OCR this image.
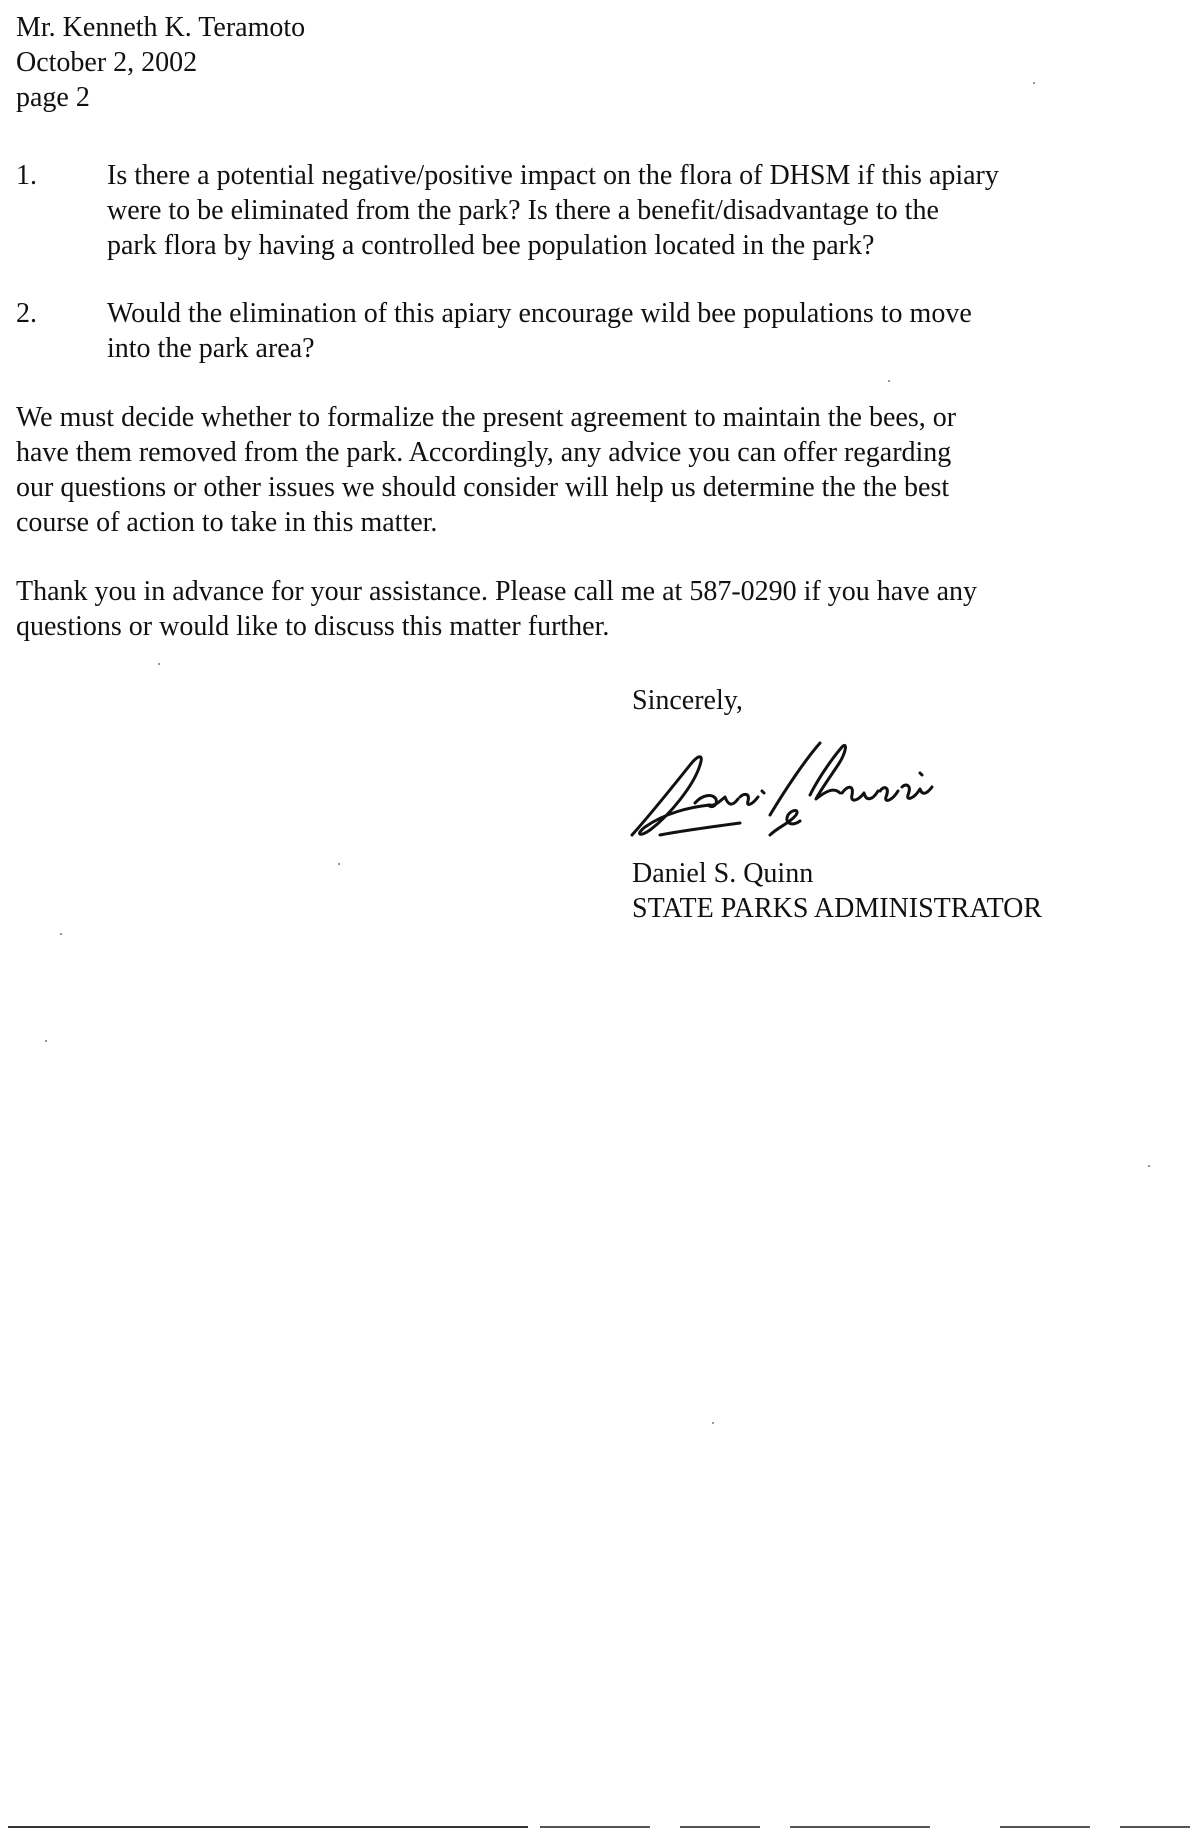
Mr. Kenneth K. Teramoto
October 2, 2002
page 2
1.	Is there a potential negative/positive impact on the flora of DHSM if this apiary
were to be eliminated from the park? Is there a benefit/disadvantage to the
park flora by having a controlled bee population located in the park?
2.	Would the elimination of this apiary encourage wild bee populations to move
into the park area?
We must decide whether to formalize the present agreement to maintain the bees, or
have them removed from the park. Accordingly, any advice you can offer regarding
our questions or other issues we should consider will help us determine the the best
course of action to take in this matter.
Thank you in advance for your assistance. Please call me at 587-0290 if you have any
questions or would like to discuss this matter further.
Sincerely,
Daniel S. Quinn
STATE PARKS ADMINISTRATOR
